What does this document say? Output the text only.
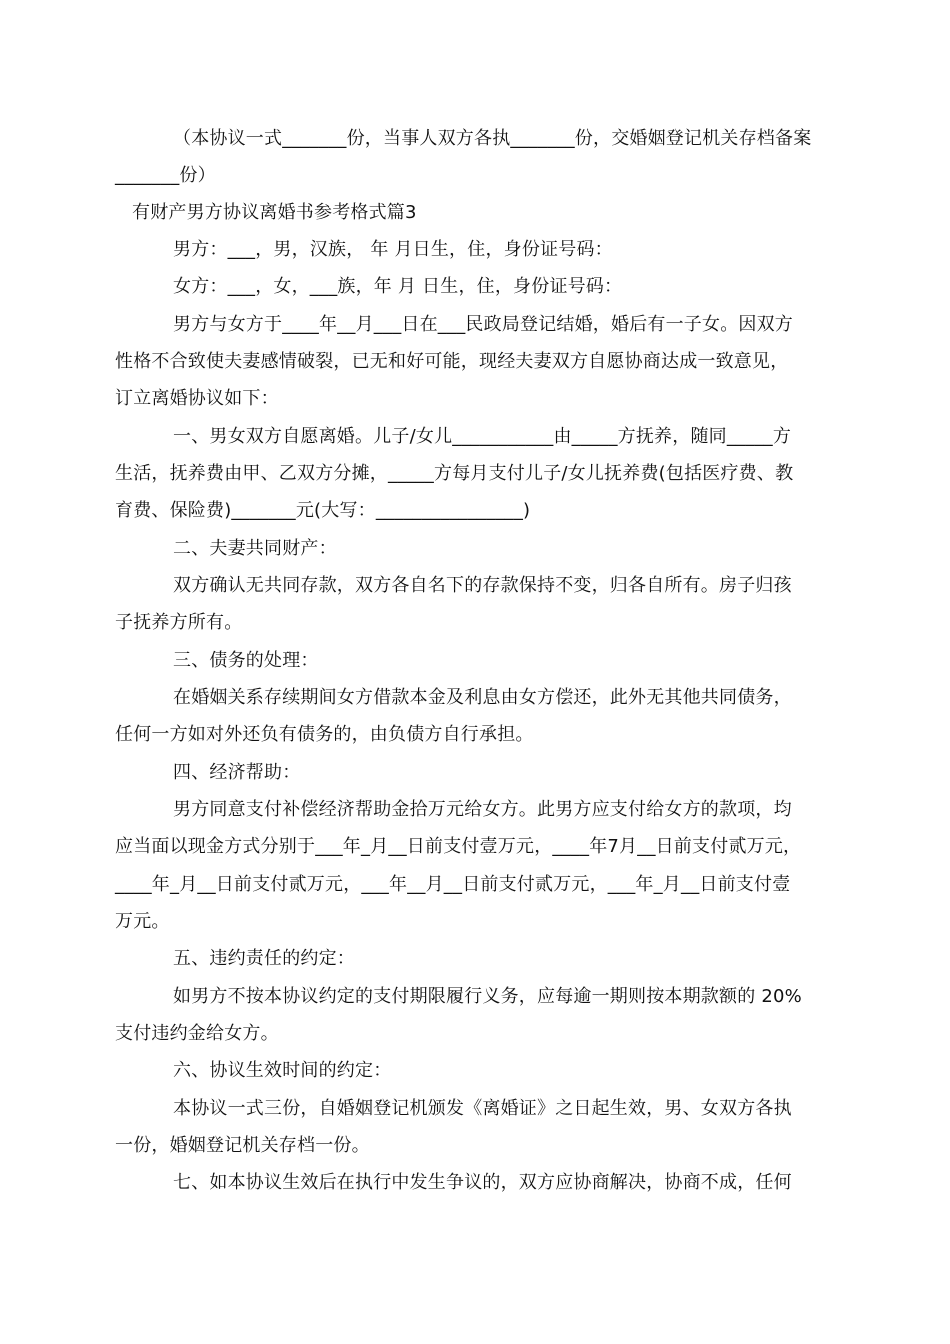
（本协议一式_______份，当事人双方各执_______份，交婚姻登记机关存档备案
_______份）
有财产男方协议离婚书参考格式篇3
男方：___，男，汉族， 年 月日生，住，身份证号码：
女方：___，女，___族，年 月 日生，住，身份证号码：
男方与女方于____年__月___日在___民政局登记结婚，婚后有一子女。因双方
性格不合致使夫妻感情破裂，已无和好可能，现经夫妻双方自愿协商达成一致意见，
订立离婚协议如下：
一、男女双方自愿离婚。儿子/女儿___________由_____方抚养，随同_____方
生活，抚养费由甲、乙双方分摊，_____方每月支付儿子/女儿抚养费(包括医疗费、教
育费、保险费)_______元(大写：________________)
二、夫妻共同财产：
双方确认无共同存款，双方各自名下的存款保持不变，归各自所有。房子归孩
子抚养方所有。
三、债务的处理：
在婚姻关系存续期间女方借款本金及利息由女方偿还，此外无其他共同债务，
任何一方如对外还负有债务的，由负债方自行承担。
四、经济帮助：
男方同意支付补偿经济帮助金拾万元给女方。此男方应支付给女方的款项，均
应当面以现金方式分别于___年_月__日前支付壹万元，____年7月__日前支付贰万元，
____年_月__日前支付贰万元，___年__月__日前支付贰万元，___年_月__日前支付壹
万元。
五、违约责任的约定：
如男方不按本协议约定的支付期限履行义务，应每逾一期则按本期款额的 20%
支付违约金给女方。
六、协议生效时间的约定：
本协议一式三份，自婚姻登记机颁发《离婚证》之日起生效，男、女双方各执
一份，婚姻登记机关存档一份。
七、如本协议生效后在执行中发生争议的，双方应协商解决，协商不成，任何
